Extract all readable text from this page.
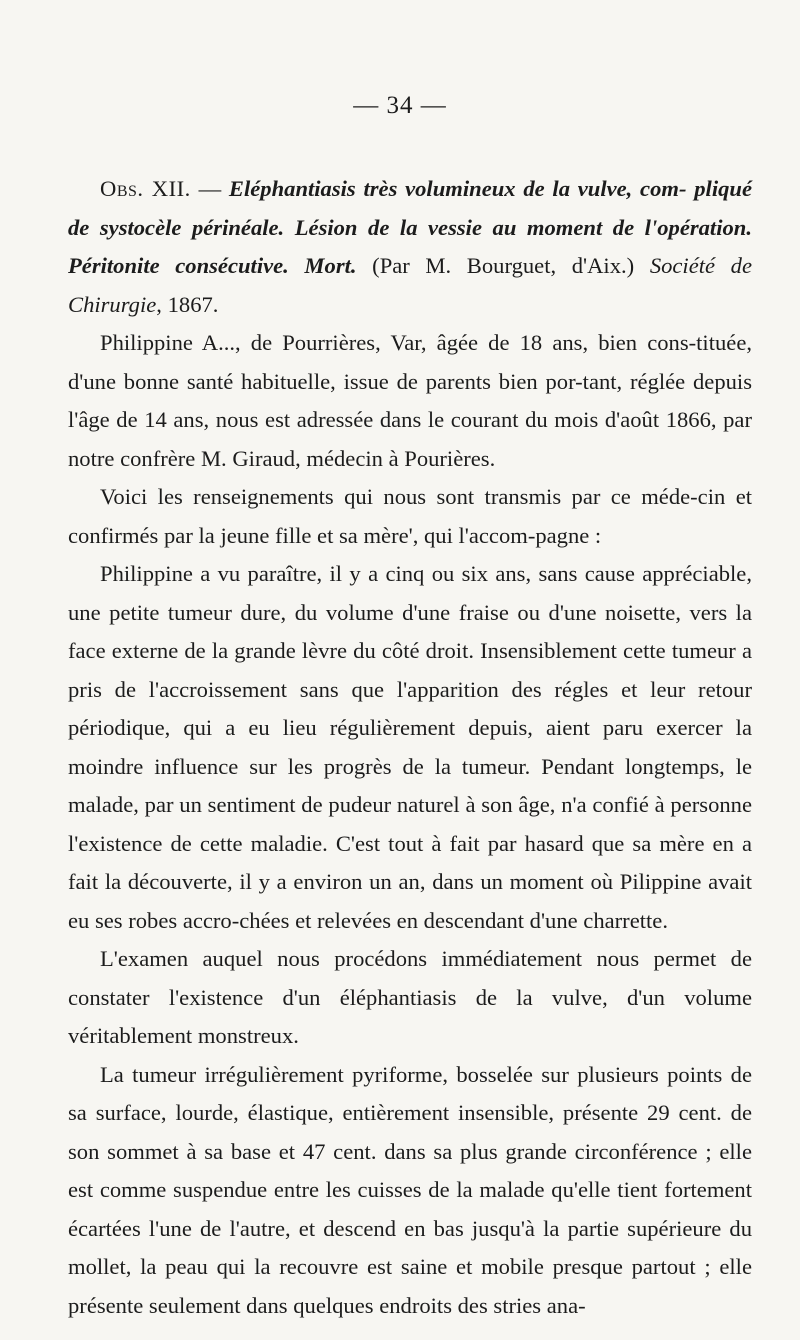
— 34 —

Obs. XII. — Eléphantiasis très volumineux de la vulve, com- pliqué de systocèle périnéale. Lésion de la vessie au moment de l'opération. Péritonite consécutive. Mort. (Par M. Bourguet, d'Aix.) Société de Chirurgie, 1867.

Philippine A..., de Pourrières, Var, âgée de 18 ans, bien cons-tituée, d'une bonne santé habituelle, issue de parents bien por-tant, réglée depuis l'âge de 14 ans, nous est adressée dans le courant du mois d'août 1866, par notre confrère M. Giraud, médecin à Pourières.

Voici les renseignements qui nous sont transmis par ce méde-cin et confirmés par la jeune fille et sa mère', qui l'accom-pagne :

Philippine a vu paraître, il y a cinq ou six ans, sans cause appréciable, une petite tumeur dure, du volume d'une fraise ou d'une noisette, vers la face externe de la grande lèvre du côté droit. Insensiblement cette tumeur a pris de l'accroissement sans que l'apparition des régles et leur retour périodique, qui a eu lieu régulièrement depuis, aient paru exercer la moindre influence sur les progrès de la tumeur. Pendant longtemps, le malade, par un sentiment de pudeur naturel à son âge, n'a confié à personne l'existence de cette maladie. C'est tout à fait par hasard que sa mère en a fait la découverte, il y a environ un an, dans un moment où Pilippine avait eu ses robes accro-chées et relevées en descendant d'une charrette.

L'examen auquel nous procédons immédiatement nous permet de constater l'existence d'un éléphantiasis de la vulve, d'un volume véritablement monstreux.

La tumeur irrégulièrement pyriforme, bosselée sur plusieurs points de sa surface, lourde, élastique, entièrement insensible, présente 29 cent. de son sommet à sa base et 47 cent. dans sa plus grande circonférence ; elle est comme suspendue entre les cuisses de la malade qu'elle tient fortement écartées l'une de l'autre, et descend en bas jusqu'à la partie supérieure du mollet, la peau qui la recouvre est saine et mobile presque partout ; elle présente seulement dans quelques endroits des stries ana-
